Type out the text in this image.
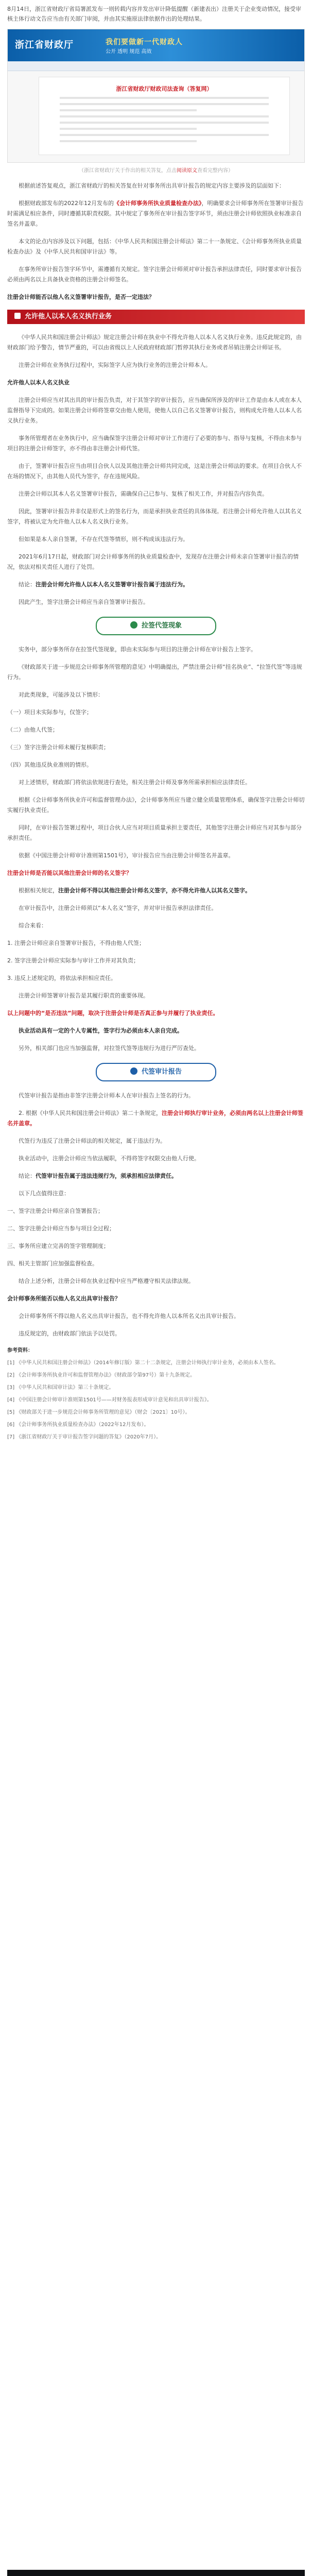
8月14日，浙江省财政厅省局署派发布一则转载内容并发出审计降低提醒（新建表出）注册关于企业变动情况，接受审核主体行动文告应当由有关部门审阅，并由其实施原法律依据作出的处理结果。
浙江省财政厅	我们要做新一代财政人
公开 透明 规范 高效
浙江省财政厅财政司法查询（答复网）
（浙江省财政厅关于作出的相关答复，点击阅读原文查看完整内容）

根据前述答复观点，浙江省财政厅的相关答复在针对事务所出具审计报告的规定内容主要涉及的层面如下：

根据财政部发布的2022年12月发布的《会计师事务所执业质量检查办法》，明确要求会计师事务所在签署审计报告时需满足相应条件，同时遵循其职责权限。其中规定了事务所在审计报告签字环节，须由注册会计师依照执业标准亲自签名并盖章。

本文的论点内容涉及以下问题，包括：《中华人民共和国注册会计师法》第二十一条规定、《会计师事务所执业质量检查办法》及《中华人民共和国审计法》等。

在事务所审计报告签字环节中，需遵循有关规定。签字注册会计师须对审计报告承担法律责任，同时要求审计报告必须由两名以上具备执业资格的注册会计师签名。

注册会计师能否以他人名义签署审计报告，是否一定违法？

允许他人以本人名义执行业务

《中华人民共和国注册会计师法》规定注册会计师在执业中不得允许他人以本人名义执行业务。违反此规定的，由财政部门给予警告，情节严重的，可以由省级以上人民政府财政部门暂停其执行业务或者吊销注册会计师证书。

注册会计师在业务执行过程中，实际签字人应为执行业务的注册会计师本人。

允许他人以本人名义执业

注册会计师应当对其出具的审计报告负责，对于其签字的审计报告，应当确保所涉及的审计工作是由本人或在本人监督指导下完成的。如果注册会计师将签章交由他人使用，使他人以自己名义签署审计报告，则构成允许他人以本人名义执行业务。

事务所管理者在业务执行中，应当确保签字注册会计师对审计工作进行了必要的参与、指导与复核，不得由未参与项目的注册会计师签字，亦不得由非注册会计师代签。

由于，签署审计报告应当由项目合伙人以及其他注册会计师共同完成，这是注册会计师法的要求。在项目合伙人不在场的情况下，由其他人员代为签字，存在违规风险。

注册会计师以其本人名义签署审计报告，需确保自己已参与、复核了相关工作，并对报告内容负责。

因此，签署审计报告并非仅是形式上的签名行为，而是承担执业责任的具体体现。若注册会计师允许他人以其名义签字，将被认定为允许他人以本人名义执行业务。

但如果是本人亲自签署，不存在代签等情形，则不构成该违法行为。

2021年6月17日起，财政部门对会计师事务所的执业质量检查中，发现存在注册会计师未亲自签署审计报告的情况，依法对相关责任人进行了处罚。

结论：注册会计师允许他人以本人名义签署审计报告属于违法行为。

因此产生，签字注册会计师应当亲自签署审计报告。

拉签代签现象

实务中，部分事务所存在拉签代签现象，即由未实际参与项目的注册会计师在审计报告上签字。

《财政部关于进一步规范会计师事务所管理的意见》中明确提出，严禁注册会计师“挂名执业”、“拉签代签”等违规行为。

对此类现象，可能涉及以下情形：

（一）项目未实际参与，仅签字；

（二）由他人代签；

（三）签字注册会计师未履行复核职责；

（四）其他违反执业准则的情形。

对上述情形，财政部门将依法依规进行查处，相关注册会计师及事务所需承担相应法律责任。

根据《会计师事务所执业许可和监督管理办法》，会计师事务所应当建立健全质量管理体系，确保签字注册会计师切实履行执业责任。

同时，在审计报告签署过程中，项目合伙人应当对项目质量承担主要责任，其他签字注册会计师应当对其参与部分承担责任。

依据《中国注册会计师审计准则第1501号》，审计报告应当由注册会计师签名并盖章。

注册会计师是否能以其他注册会计师的名义签字？

根据相关规定，注册会计师不得以其他注册会计师名义签字，亦不得允许他人以其名义签字。

在审计报告中，注册会计师须以“本人名义”签字，并对审计报告承担法律责任。

综合来看：

1. 注册会计师应亲自签署审计报告，不得由他人代签；

2. 签字注册会计师应实际参与审计工作并对其负责；

3. 违反上述规定的，将依法承担相应责任。

注册会计师签署审计报告是其履行职责的重要体现。

以上问题中的“是否违法”问题，取决于注册会计师是否真正参与并履行了执业责任。

执业活动具有一定的个人专属性，签字行为必须由本人亲自完成。

另外，相关部门也应当加强监督，对拉签代签等违规行为进行严厉查处。

代签审计报告

代签审计报告是指由非签字注册会计师本人在审计报告上签名的行为。

2. 根据《中华人民共和国注册会计师法》第二十条规定，注册会计师执行审计业务，必须由两名以上注册会计师签名并盖章。

代签行为违反了注册会计师法的相关规定，属于违法行为。

执业活动中，注册会计师应当依法履职，不得将签字权限交由他人行使。

结论：代签审计报告属于违法违规行为，须承担相应法律责任。

以下几点值得注意：

一、签字注册会计师应亲自签署报告；

二、签字注册会计师应当参与项目全过程；

三、事务所应建立完善的签字管理制度；

四、相关主管部门应加强监督检查。

结合上述分析，注册会计师在执业过程中应当严格遵守相关法律法规。

会计师事务所能否以他人名义出具审计报告？

会计师事务所不得以他人名义出具审计报告，也不得允许他人以本所名义出具审计报告。

违反规定的，由财政部门依法予以处罚。

参考资料：

[1] 《中华人民共和国注册会计师法》（2014年修订版）第二十二条规定，注册会计师执行审计业务，必须由本人签名。

[2] 《会计师事务所执业许可和监督管理办法》（财政部令第97号）第十九条规定。

[3] 《中华人民共和国审计法》第三十条规定。

[4] 《中国注册会计师审计准则第1501号——对财务报表形成审计意见和出具审计报告》。

[5] 《财政部关于进一步规范会计师事务所管理的意见》（财会〔2021〕10号）。

[6] 《会计师事务所执业质量检查办法》（2022年12月发布）。

[7] 《浙江省财政厅关于审计报告签字问题的答复》（2020年7月）。
